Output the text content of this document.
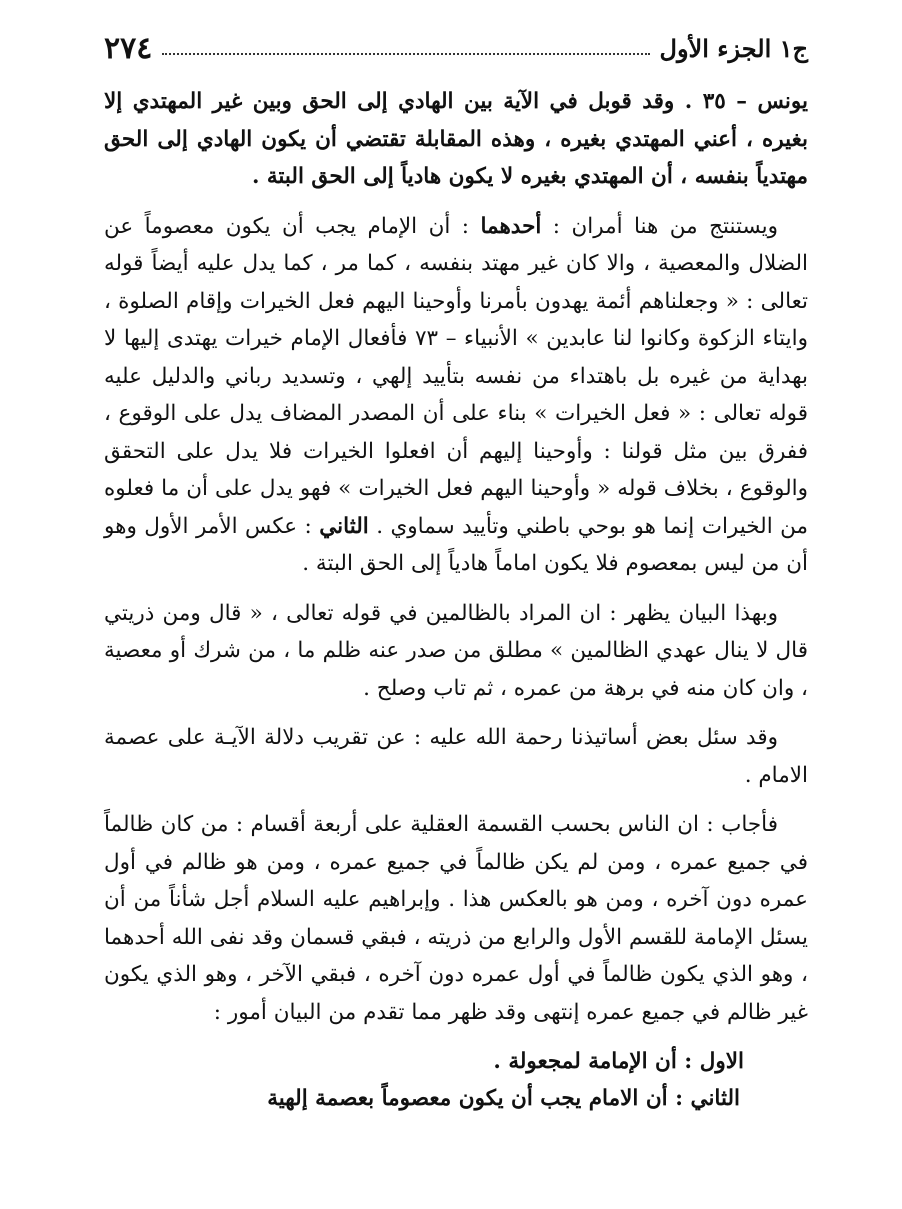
ج١ الجزء الأول
٢٧٤

يونس – ٣٥ . وقد قوبل في الآية بين الهادي إلى الحق وبين غير المهتدي إلا بغيره ، أعني المهتدي بغيره ، وهذه المقابلة تقتضي أن يكون الهادي إلى الحق مهتدياً بنفسه ، أن المهتدي بغيره لا يكون هادياً إلى الحق البتة .

ويستنتج من هنا أمران : أحدهما : أن الإمام يجب أن يكون معصوماً عن الضلال والمعصية ، والا كان غير مهتد بنفسه ، كما مر ، كما يدل عليه أيضاً قوله تعالى : « وجعلناهم أئمة يهدون بأمرنا وأوحينا اليهم فعل الخيرات وإقام الصلوة ، وايتاء الزكوة وكانوا لنا عابدين » الأنبياء – ٧٣ فأفعال الإمام خيرات يهتدى إليها لا بهداية من غيره بل باهتداء من نفسه بتأييد إلهي ، وتسديد رباني والدليل عليه قوله تعالى : « فعل الخيرات » بناء على أن المصدر المضاف يدل على الوقوع ، ففرق بين مثل قولنا : وأوحينا إليهم أن افعلوا الخيرات فلا يدل على التحقق والوقوع ، بخلاف قوله « وأوحينا اليهم فعل الخيرات » فهو يدل على أن ما فعلوه من الخيرات إنما هو بوحي باطني وتأييد سماوي . الثاني : عكس الأمر الأول وهو أن من ليس بمعصوم فلا يكون اماماً هادياً إلى الحق البتة .

وبهذا البيان يظهر : ان المراد بالظالمين في قوله تعالى ، « قال ومن ذريتي قال لا ينال عهدي الظالمين » مطلق من صدر عنه ظلم ما ، من شرك أو معصية ، وان كان منه في برهة من عمره ، ثم تاب وصلح .

وقد سئل بعض أساتيذنا رحمة الله عليه : عن تقريب دلالة الآيـة على عصمة الامام .

فأجاب : ان الناس بحسب القسمة العقلية على أربعة أقسام : من كان ظالماً في جميع عمره ، ومن لم يكن ظالماً في جميع عمره ، ومن هو ظالم في أول عمره دون آخره ، ومن هو بالعكس هذا . وإبراهيم عليه السلام أجل شأناً من أن يسئل الإمامة للقسم الأول والرابع من ذريته ، فبقي قسمان وقد نفى الله أحدهما ، وهو الذي يكون ظالماً في أول عمره دون آخره ، فبقي الآخر ، وهو الذي يكون غير ظالم في جميع عمره إنتهى وقد ظهر مما تقدم من البيان أمور :

الاول : أن الإمامة لمجعولة .

الثاني : أن الامام يجب أن يكون معصوماً بعصمة إلهية
